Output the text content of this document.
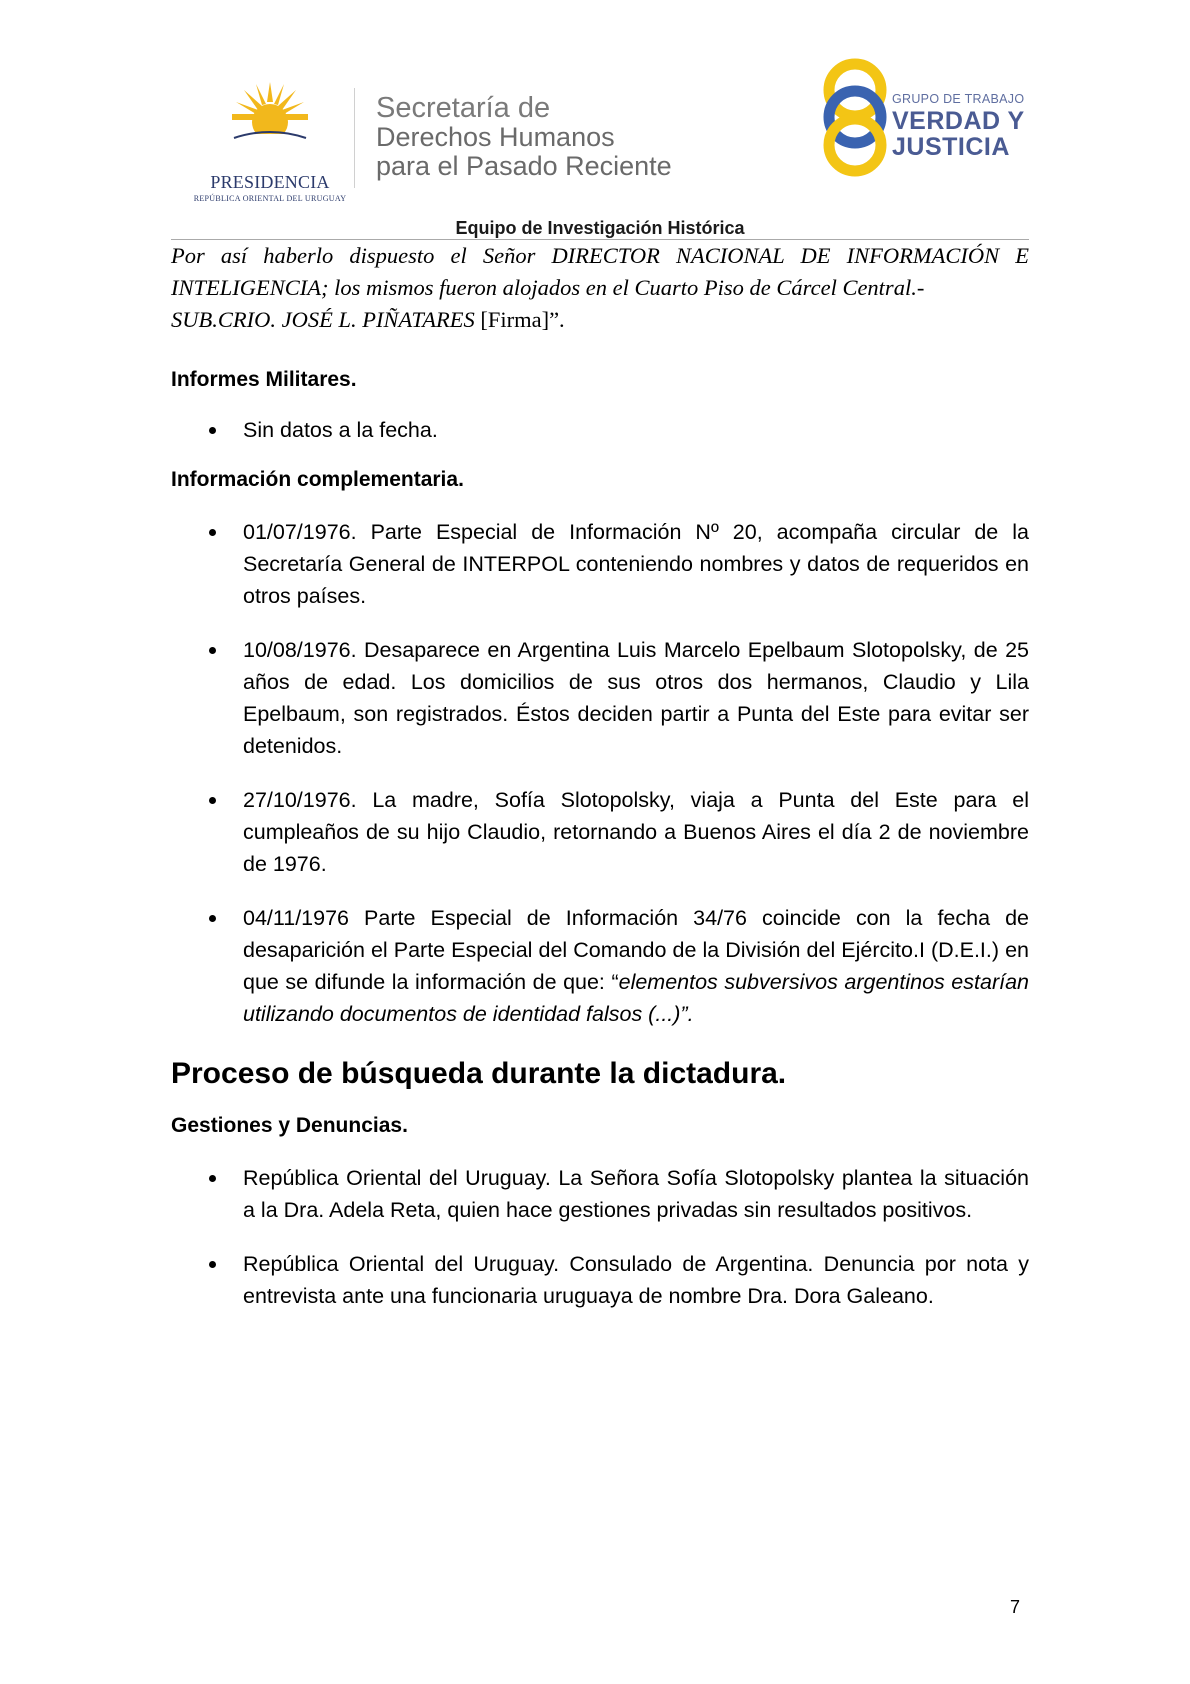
PRESIDENCIA
REPÚBLICA ORIENTAL DEL URUGUAY
Secretaría de
Derechos Humanos
para el Pasado Reciente
GRUPO DE TRABAJO
VERDAD Y
JUSTICIA
Equipo de Investigación Histórica

Por así haberlo dispuesto el Señor DIRECTOR NACIONAL DE INFORMACIÓN E INTELIGENCIA; los mismos fueron alojados en el Cuarto Piso de Cárcel Central.-
SUB.CRIO. JOSÉ L. PIÑATARES [Firma]”.

Informes Militares.
Sin datos a la fecha.
Información complementaria.
01/07/1976. Parte Especial de Información Nº 20, acompaña circular de la Secretaría General de INTERPOL conteniendo nombres y datos de requeridos en otros países.
10/08/1976. Desaparece en Argentina Luis Marcelo Epelbaum Slotopolsky, de 25 años de edad. Los domicilios de sus otros dos hermanos, Claudio y Lila Epelbaum, son registrados. Éstos deciden partir a Punta del Este para evitar ser detenidos.
27/10/1976. La madre, Sofía Slotopolsky, viaja a Punta del Este para el cumpleaños de su hijo Claudio, retornando a Buenos Aires el día 2 de noviembre de 1976.
04/11/1976 Parte Especial de Información 34/76 coincide con la fecha de desaparición el Parte Especial del Comando de la División del Ejército.I (D.E.I.) en que se difunde la información de que: “elementos subversivos argentinos estarían utilizando documentos de identidad falsos (...)”.
Proceso de búsqueda durante la dictadura.
Gestiones y Denuncias.
República Oriental del Uruguay. La Señora Sofía Slotopolsky plantea la situación a la Dra. Adela Reta, quien hace gestiones privadas sin resultados positivos.
República Oriental del Uruguay. Consulado de Argentina. Denuncia por nota y entrevista ante una funcionaria uruguaya de nombre Dra. Dora Galeano.
7
